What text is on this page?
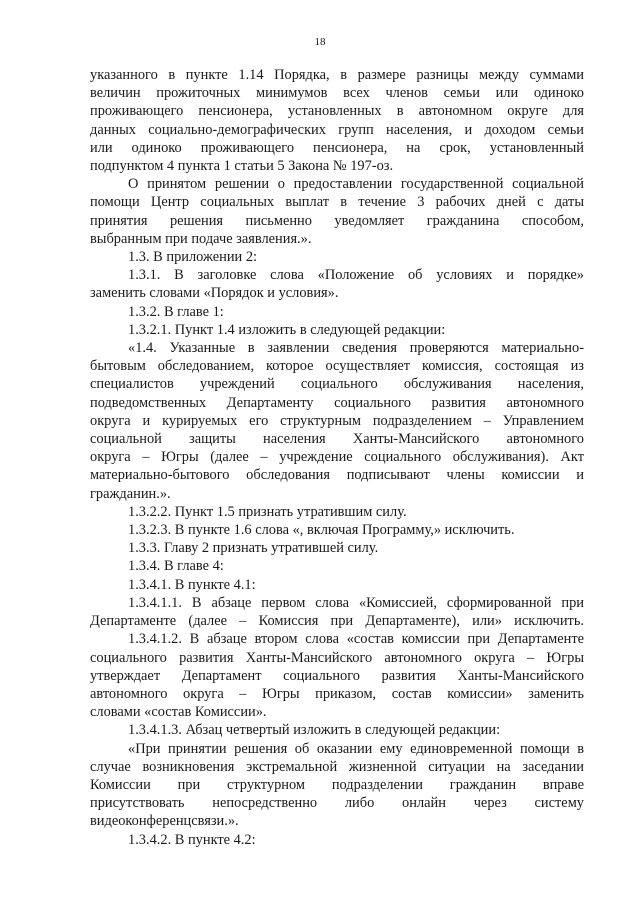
18
указанного в пункте 1.14 Порядка, в размере разницы между суммами
величин прожиточных минимумов всех членов семьи или одиноко
проживающего пенсионера, установленных в автономном округе для
данных социально-демографических групп населения, и доходом семьи
или одиноко проживающего пенсионера, на срок, установленный
подпунктом 4 пункта 1 статьи 5 Закона № 197-оз.
О принятом решении о предоставлении государственной социальной
помощи Центр социальных выплат в течение 3 рабочих дней с даты
принятия решения письменно уведомляет гражданина способом,
выбранным при подаче заявления.».
1.3. В приложении 2:
1.3.1. В заголовке слова «Положение об условиях и порядке»
заменить словами «Порядок и условия».
1.3.2. В главе 1:
1.3.2.1. Пункт 1.4 изложить в следующей редакции:
«1.4. Указанные в заявлении сведения проверяются материально-
бытовым обследованием, которое осуществляет комиссия, состоящая из
специалистов учреждений социального обслуживания населения,
подведомственных Департаменту социального развития автономного
округа и курируемых его структурным подразделением – Управлением
социальной защиты населения Ханты-Мансийского автономного
округа – Югры (далее – учреждение социального обслуживания). Акт
материально-бытового обследования подписывают члены комиссии и
гражданин.».
1.3.2.2. Пункт 1.5 признать утратившим силу.
1.3.2.3. В пункте 1.6 слова «, включая Программу,» исключить.
1.3.3. Главу 2 признать утратившей силу.
1.3.4. В главе 4:
1.3.4.1. В пункте 4.1:
1.3.4.1.1. В абзаце первом слова «Комиссией, сформированной при
Департаменте (далее – Комиссия при Департаменте), или» исключить.
1.3.4.1.2. В абзаце втором слова «состав комиссии при Департаменте
социального развития Ханты-Мансийского автономного округа – Югры
утверждает Департамент социального развития Ханты-Мансийского
автономного округа – Югры приказом, состав комиссии» заменить
словами «состав Комиссии».
1.3.4.1.3. Абзац четвертый изложить в следующей редакции:
«При принятии решения об оказании ему единовременной помощи в
случае возникновения экстремальной жизненной ситуации на заседании
Комиссии при структурном подразделении гражданин вправе
присутствовать непосредственно либо онлайн через систему
видеоконференцсвязи.».
1.3.4.2. В пункте 4.2:
